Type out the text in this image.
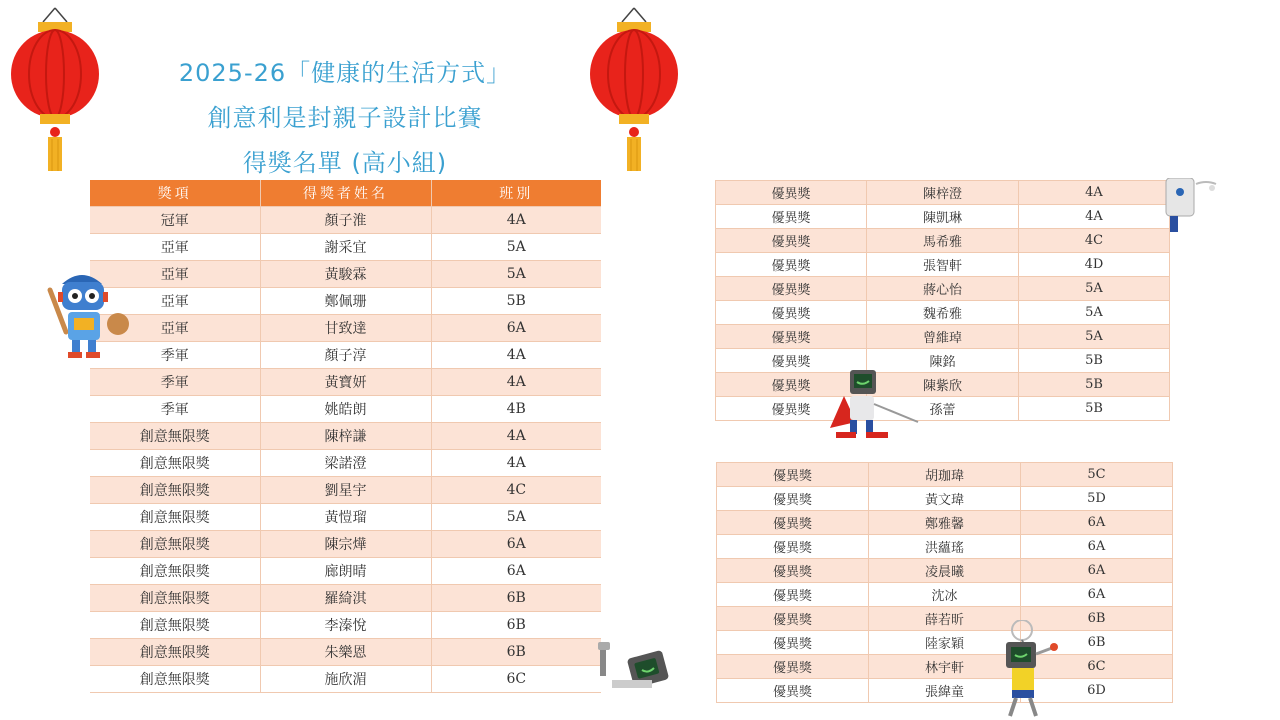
2025-26「健康的生活方式」
創意利是封親子設計比賽
得獎名單 (高小組)
獎項	得獎者姓名	班別
冠軍	顏子淮	4A
亞軍	謝采宜	5A
亞軍	黃駿霖	5A
亞軍	鄭佩珊	5B
亞軍	甘致達	6A
季軍	顏子淳	4A
季軍	黃寶妍	4A
季軍	姚皓朗	4B
創意無限獎	陳梓謙	4A
創意無限獎	梁諾澄	4A
創意無限獎	劉星宇	4C
創意無限獎	黃愷瑠	5A
創意無限獎	陳宗燁	6A
創意無限獎	廊朗晴	6A
創意無限獎	羅綺淇	6B
創意無限獎	李溱悅	6B
創意無限獎	朱樂恩	6B
創意無限獎	施欣湄	6C
優異獎	陳梓澄	4A
優異獎	陳凱琳	4A
優異獎	馬希雅	4C
優異獎	張智軒	4D
優異獎	蔣心怡	5A
優異獎	魏希雅	5A
優異獎	曾維琸	5A
優異獎	陳銘	5B
優異獎	陳紫欣	5B
優異獎	孫蕾	5B
優異獎	胡珈瑋	5C
優異獎	黃文瑋	5D
優異獎	鄭雅馨	6A
優異獎	洪蘊瑤	6A
優異獎	凌晨曦	6A
優異獎	沈冰	6A
優異獎	薛若昕	6B
優異獎	陸家穎	6B
優異獎	林宇軒	6C
優異獎	張緯童	6D
